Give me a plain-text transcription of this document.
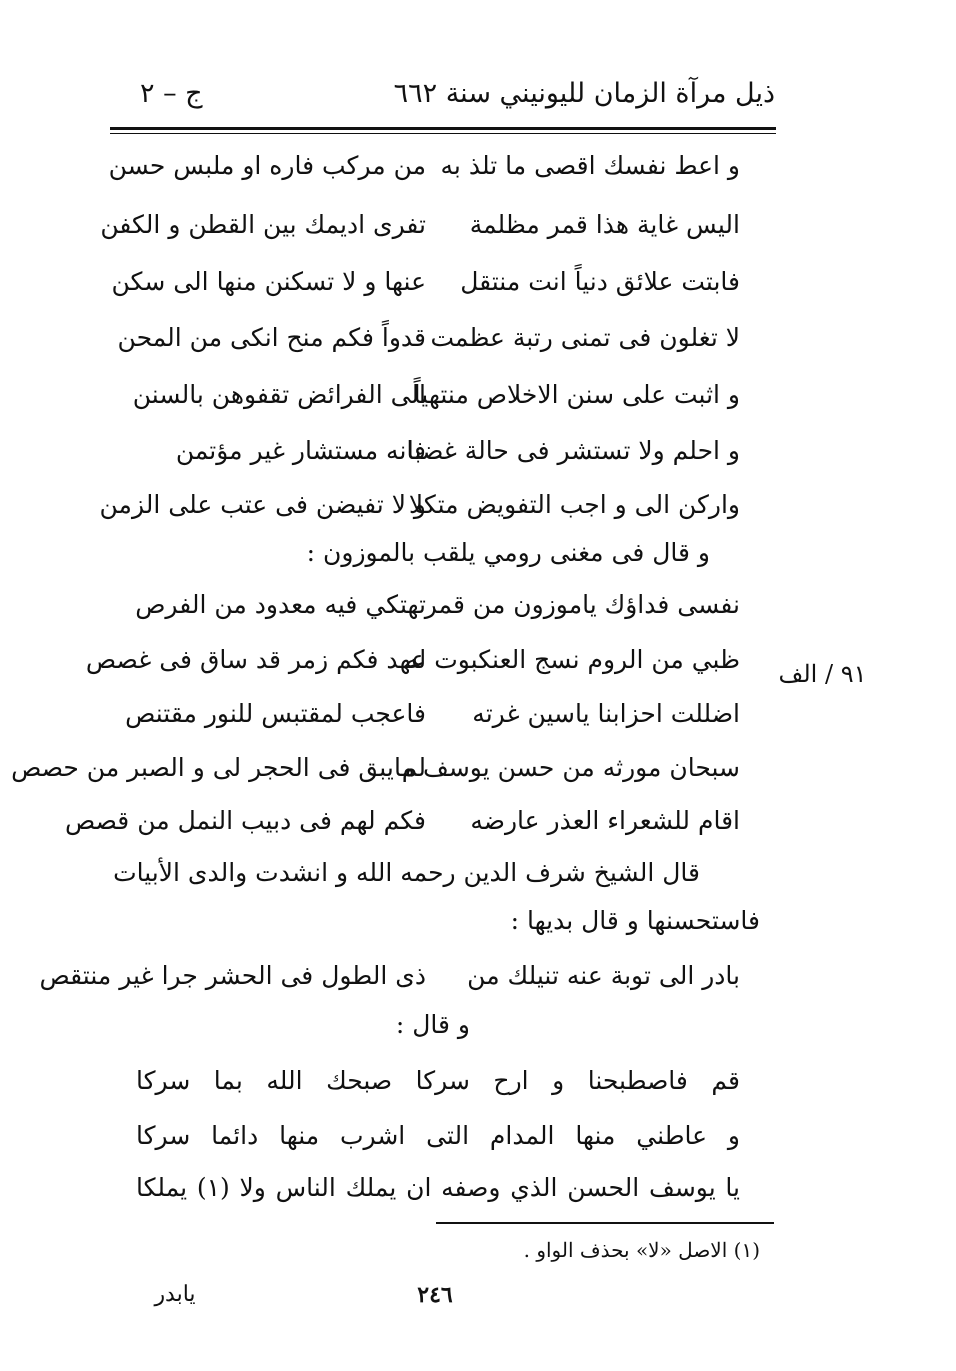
ذيل مرآة الزمان لليونيني سنة ٦٦٢
ج – ٢
و اعط نفسك اقصى ما تلذ به
من مركب فاره او ملبس حسن
اليس غاية هذا قمر مظلمة
تفرى اديمك بين القطن و الكفن
فابتت علائق دنياً انت منتقل
عنها و لا تسكنن منها الى سكن
لا تغلون فى تمنى رتبة عظمت
قدواً فكم منح انكى من المحن
و اثبت على سنن الاخلاص منتهياً
الى الفرائض تقفوهن بالسنن
و احلم ولا تستشر فى حالة غضبا
فانه مستشار غير مؤتمن
واركن الى و اجب التفويض متكلا
و لا تفيضن فى عتب على الزمن
و قال فى مغنى رومي يلقب بالموزون :
نفسى فداؤك ياموزون من قمر
تهتكي فيه معدود من الفرص
ظبي من الروم نسج العنكبوت له
عهد فكم زمر قد ساق فى غصص
اضللت احزابنا ياسين غرته
فاعجب لمقتبس للنور مقتنص
سبحان مورثه من حسن يوسف ما
لم يبق فى الحجر لى و الصبر من حصص
اقام للشعراء العذر عارضه
فكم لهم فى دبيب النمل من قصص
قال الشيخ شرف الدين رحمه الله و انشدت والدى الأبيات
فاستحسنها و قال بديها :
بادر الى توبة عنه تنيلك من
ذى الطول فى الحشر جرا غير منتقص
و قال :
قم فاصطبحنا و ارح سركا صبحك الله بما سركا
و عاطني منها المدام التى اشرب منها دائما سركا
يا يوسف الحسن الذي وصفه ان يملك الناس ولا (١) يملكا
٩١ / الف
(١) الاصل «لا» بحذف الواو .
٢٤٦
يابدر
